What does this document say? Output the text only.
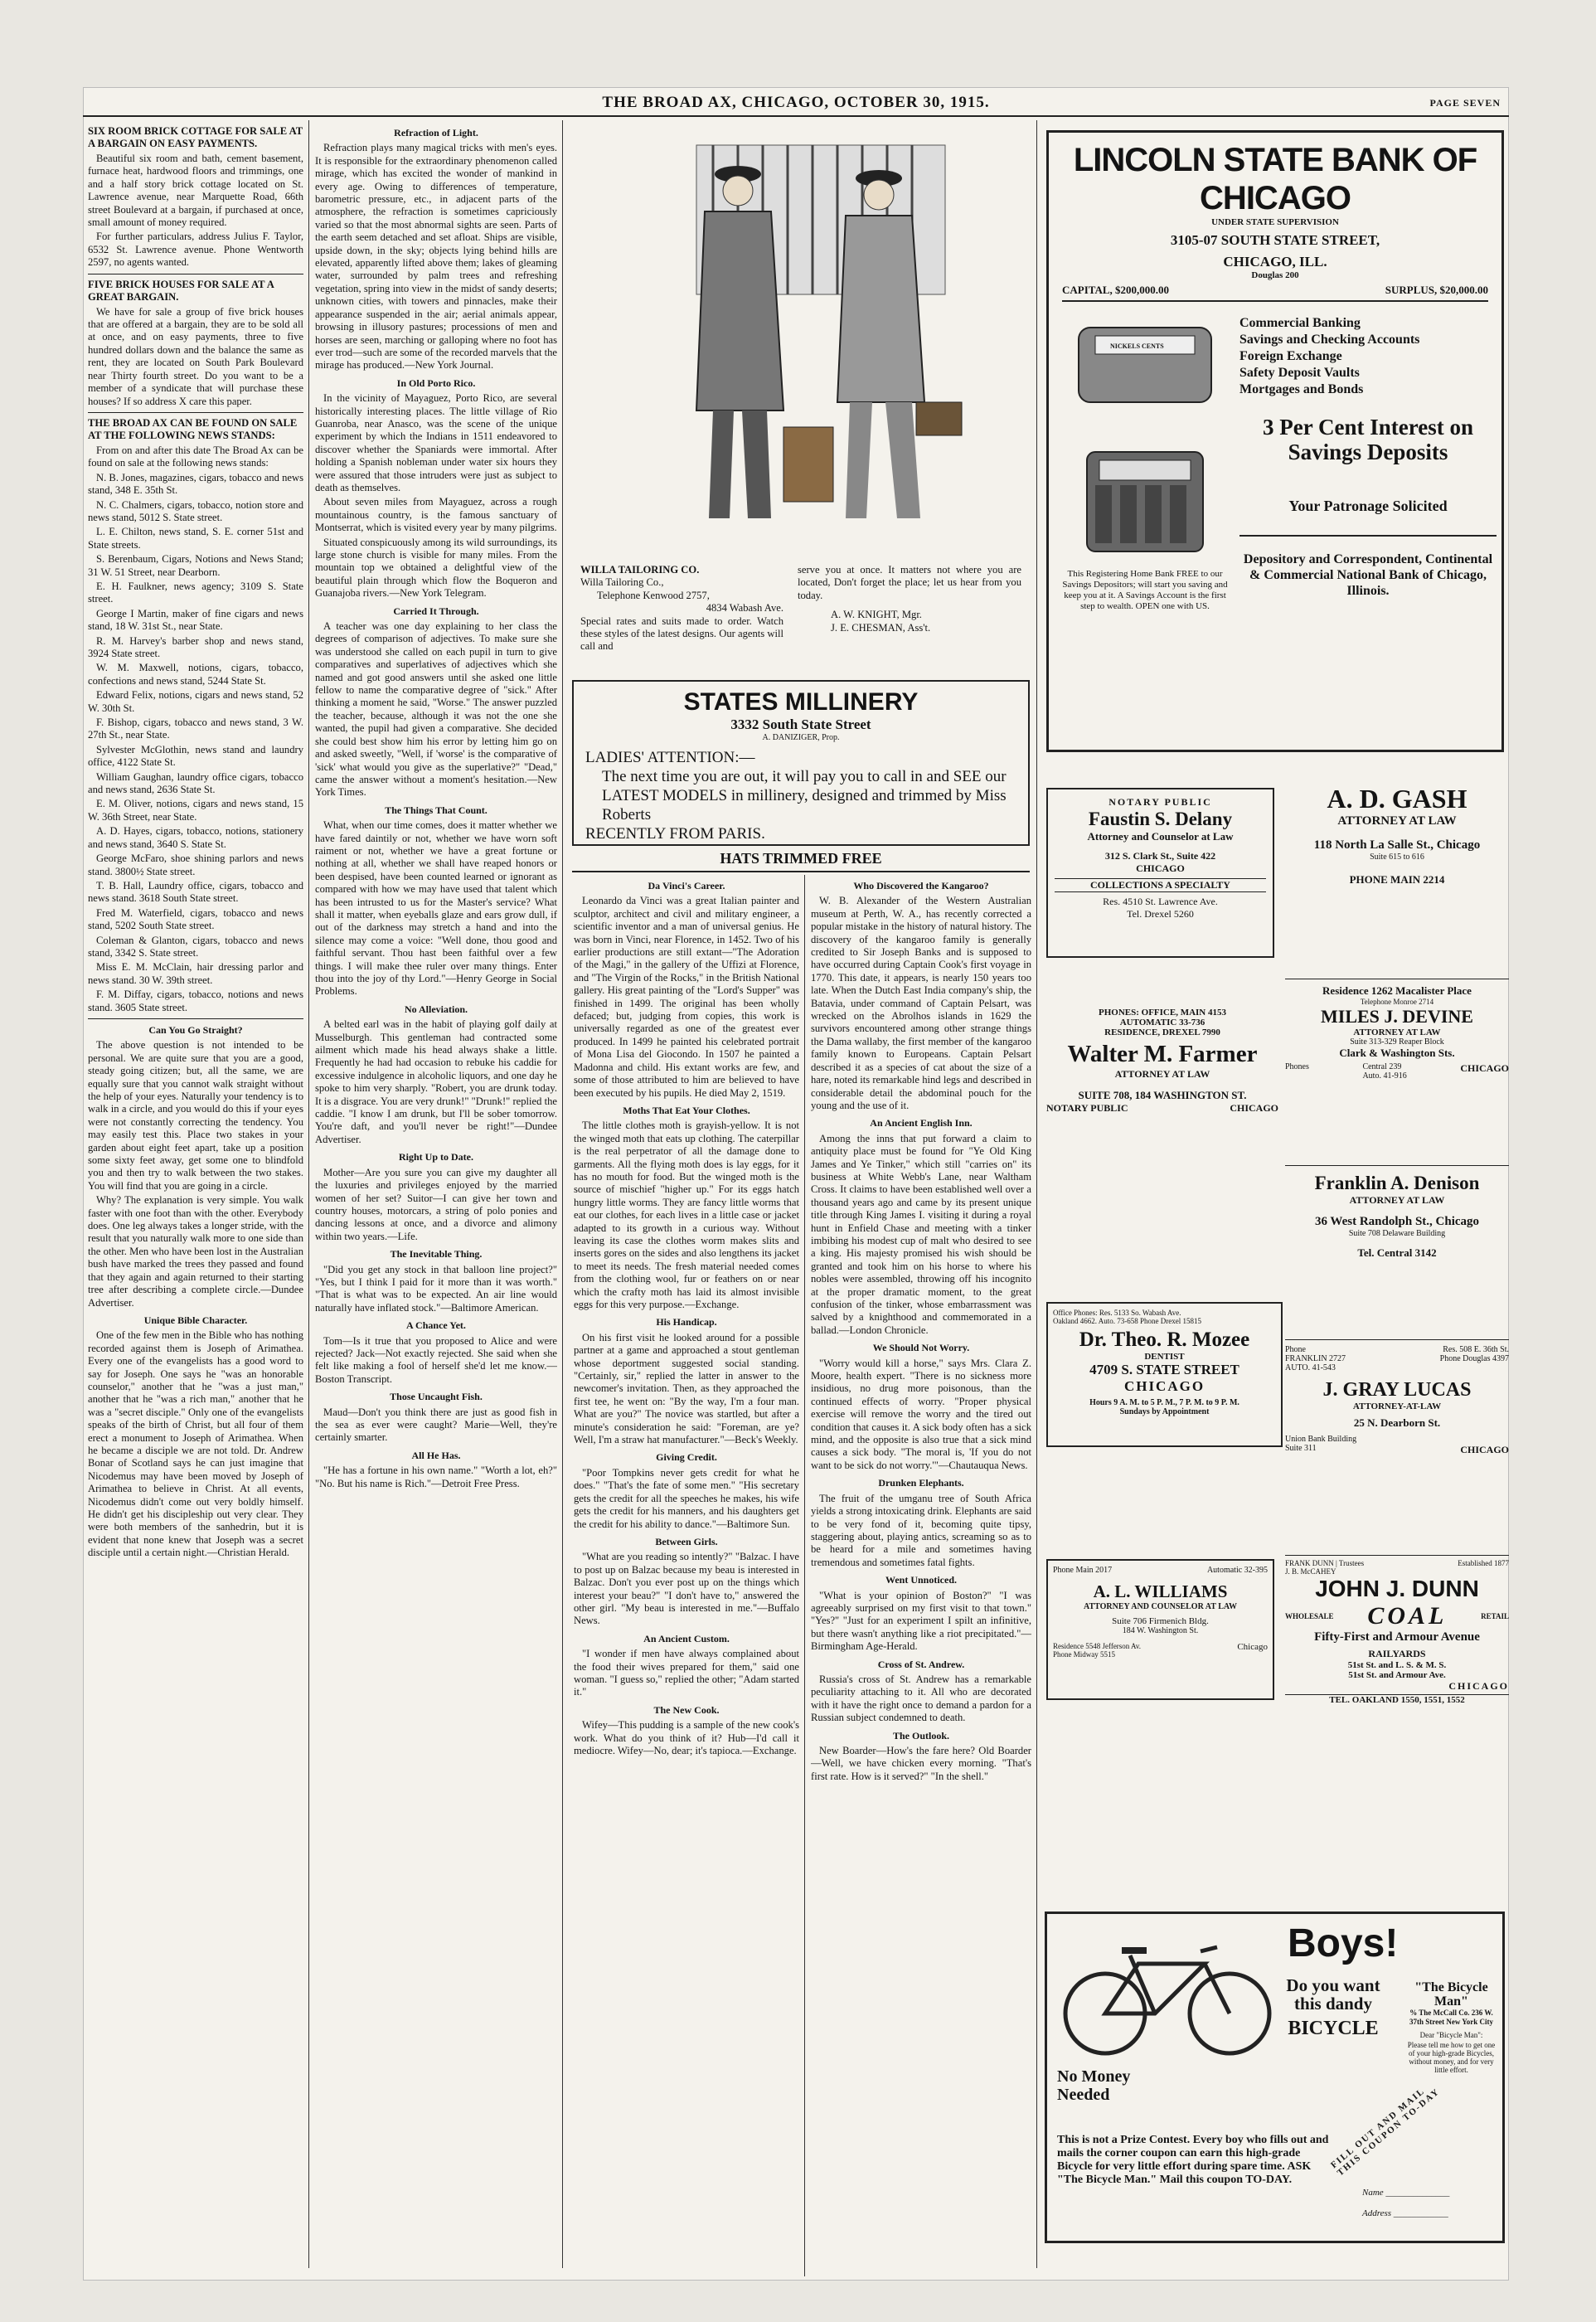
THE BROAD AX, CHICAGO, OCTOBER 30, 1915.	PAGE SEVEN
SIX ROOM BRICK COTTAGE FOR SALE AT A BARGAIN ON EASY PAYMENTS.

Beautiful six room and bath, cement basement, furnace heat, hardwood floors and trimmings, one and a half story brick cottage located on St. Lawrence avenue, near Marquette Road, 66th street Boulevard at a bargain, if purchased at once, small amount of money required.

For further particulars, address Julius F. Taylor, 6532 St. Lawrence avenue. Phone Wentworth 2597, no agents wanted.

FIVE BRICK HOUSES FOR SALE AT A GREAT BARGAIN.

We have for sale a group of five brick houses that are offered at a bargain, they are to be sold all at once, and on easy payments, three to five hundred dollars down and the balance the same as rent, they are located on South Park Boulevard near Thirty fourth street. Do you want to be a member of a syndicate that will purchase these houses? If so address X care this paper.

THE BROAD AX CAN BE FOUND ON SALE AT THE FOLLOWING NEWS STANDS:

From on and after this date The Broad Ax can be found on sale at the following news stands:

N. B. Jones, magazines, cigars, tobacco and news stand, 348 E. 35th St.

N. C. Chalmers, cigars, tobacco, notion store and news stand, 5012 S. State street.

L. E. Chilton, news stand, S. E. corner 51st and State streets.

S. Berenbaum, Cigars, Notions and News Stand; 31 W. 51 Street, near Dearborn.

E. H. Faulkner, news agency; 3109 S. State street.

George I Martin, maker of fine cigars and news stand, 18 W. 31st St., near State.

R. M. Harvey's barber shop and news stand, 3924 State street.

W. M. Maxwell, notions, cigars, tobacco, confections and news stand, 5244 State St.

Edward Felix, notions, cigars and news stand, 52 W. 30th St.

F. Bishop, cigars, tobacco and news stand, 3 W. 27th St., near State.

Sylvester McGlothin, news stand and laundry office, 4122 State St.

William Gaughan, laundry office cigars, tobacco and news stand, 2636 State St.

E. M. Oliver, notions, cigars and news stand, 15 W. 36th Street, near State.

A. D. Hayes, cigars, tobacco, notions, stationery and news stand, 3640 S. State St.

George McFaro, shoe shining parlors and news stand. 3800½ State street.

T. B. Hall, Laundry office, cigars, tobacco and news stand. 3618 South State street.

Fred M. Waterfield, cigars, tobacco and news stand, 5202 South State street.

Coleman & Glanton, cigars, tobacco and news stand, 3342 S. State street.

Miss E. M. McClain, hair dressing parlor and news stand. 30 W. 39th street.

F. M. Diffay, cigars, tobacco, notions and news stand. 3605 State street.

Can You Go Straight?

The above question is not intended to be personal. We are quite sure that you are a good, steady going citizen; but, all the same, we are equally sure that you cannot walk straight without the help of your eyes. Naturally your tendency is to walk in a circle, and you would do this if your eyes were not constantly correcting the tendency. You may easily test this. Place two stakes in your garden about eight feet apart, take up a position some sixty feet away, get some one to blindfold you and then try to walk between the two stakes. You will find that you are going in a circle.

Why? The explanation is very simple. You walk faster with one foot than with the other. Everybody does. One leg always takes a longer stride, with the result that you naturally walk more to one side than the other. Men who have been lost in the Australian bush have marked the trees they passed and found that they again and again returned to their starting tree after describing a complete circle.—Dundee Advertiser.

Unique Bible Character.

One of the few men in the Bible who has nothing recorded against them is Joseph of Arimathea. Every one of the evangelists has a good word to say for Joseph. One says he "was an honorable counselor," another that he "was a just man," another that he "was a rich man," another that he was a "secret disciple." Only one of the evangelists speaks of the birth of Christ, but all four of them erect a monument to Joseph of Arimathea. When he became a disciple we are not told. Dr. Andrew Bonar of Scotland says he can just imagine that Nicodemus may have been moved by Joseph of Arimathea to believe in Christ. At all events, Nicodemus didn't come out very boldly himself. He didn't get his discipleship out very clear. They were both members of the sanhedrin, but it is evident that none knew that Joseph was a secret disciple until a certain night.—Christian Herald.

Refraction of Light.

Refraction plays many magical tricks with men's eyes. It is responsible for the extraordinary phenomenon called mirage, which has excited the wonder of mankind in every age. Owing to differences of temperature, barometric pressure, etc., in adjacent parts of the atmosphere, the refraction is sometimes capriciously varied so that the most abnormal sights are seen. Parts of the earth seem detached and set afloat. Ships are visible, upside down, in the sky; objects lying behind hills are elevated, apparently lifted above them; lakes of gleaming water, surrounded by palm trees and refreshing vegetation, spring into view in the midst of sandy deserts; unknown cities, with towers and pinnacles, make their appearance suspended in the air; aerial animals appear, browsing in illusory pastures; processions of men and horses are seen, marching or galloping where no foot has ever trod—such are some of the recorded marvels that the mirage has produced.—New York Journal.

In Old Porto Rico.

In the vicinity of Mayaguez, Porto Rico, are several historically interesting places. The little village of Rio Guanroba, near Anasco, was the scene of the unique experiment by which the Indians in 1511 endeavored to discover whether the Spaniards were immortal. After holding a Spanish nobleman under water six hours they were assured that those intruders were just as subject to death as themselves.

About seven miles from Mayaguez, across a rough mountainous country, is the famous sanctuary of Montserrat, which is visited every year by many pilgrims.

Situated conspicuously among its wild surroundings, its large stone church is visible for many miles. From the mountain top we obtained a delightful view of the beautiful plain through which flow the Boqueron and Guanajoba rivers.—New York Telegram.

Carried It Through.

A teacher was one day explaining to her class the degrees of comparison of adjectives. To make sure she was understood she called on each pupil in turn to give comparatives and superlatives of adjectives which she named and got good answers until she asked one little fellow to name the comparative degree of "sick." After thinking a moment he said, "Worse." The answer puzzled the teacher, because, although it was not the one she wanted, the pupil had given a comparative. She decided she could best show him his error by letting him go on and asked sweetly, "Well, if 'worse' is the comparative of 'sick' what would you give as the superlative?" "Dead," came the answer without a moment's hesitation.—New York Times.

The Things That Count.

What, when our time comes, does it matter whether we have fared daintily or not, whether we have worn soft raiment or not, whether we have a great fortune or nothing at all, whether we shall have reaped honors or been despised, have been counted learned or ignorant as compared with how we may have used that talent which has been intrusted to us for the Master's service? What shall it matter, when eyeballs glaze and ears grow dull, if out of the darkness may stretch a hand and into the silence may come a voice: "Well done, thou good and faithful servant. Thou hast been faithful over a few things. I will make thee ruler over many things. Enter thou into the joy of thy Lord."—Henry George in Social Problems.

No Alleviation.

A belted earl was in the habit of playing golf daily at Musselburgh. This gentleman had contracted some ailment which made his head always shake a little. Frequently he had had occasion to rebuke his caddie for excessive indulgence in alcoholic liquors, and one day he spoke to him very sharply. "Robert, you are drunk today. It is a disgrace. You are very drunk!" "Drunk!" replied the caddie. "I know I am drunk, but I'll be sober tomorrow. You're daft, and you'll never be right!"—Dundee Advertiser.

Right Up to Date.

Mother—Are you sure you can give my daughter all the luxuries and privileges enjoyed by the married women of her set? Suitor—I can give her town and country houses, motorcars, a string of polo ponies and dancing lessons at once, and a divorce and alimony within two years.—Life.

The Inevitable Thing.

"Did you get any stock in that balloon line project?" "Yes, but I think I paid for it more than it was worth." "That is what was to be expected. An air line would naturally have inflated stock."—Baltimore American.

A Chance Yet.

Tom—Is it true that you proposed to Alice and were rejected? Jack—Not exactly rejected. She said when she felt like making a fool of herself she'd let me know.—Boston Transcript.

Those Uncaught Fish.

Maud—Don't you think there are just as good fish in the sea as ever were caught? Marie—Well, they're certainly smarter.

All He Has.

"He has a fortune in his own name." "Worth a lot, eh?" "No. But his name is Rich."—Detroit Free Press.

WILLA TAILORING CO.
Willa Tailoring Co.,
Telephone Kenwood 2757,
4834 Wabash Ave.
Special rates and suits made to order. Watch these styles of the latest designs. Our agents will call and
serve you at once. It matters not where you are located, Don't forget the place; let us hear from you today.
A. W. KNIGHT, Mgr.
J. E. CHESMAN, Ass't.
STATES MILLINERY
3332 South State Street
A. DANIZIGER, Prop.
LADIES' ATTENTION:—
The next time you are out, it will pay you to call in and SEE our LATEST MODELS in millinery, designed and trimmed by Miss Roberts
RECENTLY FROM PARIS.
HATS TRIMMED FREE
Da Vinci's Career.

Leonardo da Vinci was a great Italian painter and sculptor, architect and civil and military engineer, a scientific inventor and a man of universal genius. He was born in Vinci, near Florence, in 1452. Two of his earlier productions are still extant—"The Adoration of the Magi," in the gallery of the Uffizi at Florence, and "The Virgin of the Rocks," in the British National gallery. His great painting of the "Lord's Supper" was finished in 1499. The original has been wholly defaced; but, judging from copies, this work is universally regarded as one of the greatest ever produced. In 1499 he painted his celebrated portrait of Mona Lisa del Giocondo. In 1507 he painted a Madonna and child. His extant works are few, and some of those attributed to him are believed to have been executed by his pupils. He died May 2, 1519.

Moths That Eat Your Clothes.

The little clothes moth is grayish-yellow. It is not the winged moth that eats up clothing. The caterpillar is the real perpetrator of all the damage done to garments. All the flying moth does is lay eggs, for it has no mouth for food. But the winged moth is the source of mischief "higher up." For its eggs hatch hungry little worms. They are fancy little worms that eat our clothes, for each lives in a little case or jacket adapted to its growth in a curious way. Without leaving its case the clothes worm makes slits and inserts gores on the sides and also lengthens its jacket to meet its needs. The fresh material needed comes from the clothing wool, fur or feathers on or near which the crafty moth has laid its almost invisible eggs for this very purpose.—Exchange.

His Handicap.

On his first visit he looked around for a possible partner at a game and approached a stout gentleman whose deportment suggested social standing. "Certainly, sir," replied the latter in answer to the newcomer's invitation. Then, as they approached the first tee, he went on: "By the way, I'm a four man. What are you?" The novice was startled, but after a minute's consideration he said: "Foreman, are ye? Well, I'm a straw hat manufacturer."—Beck's Weekly.

Giving Credit.

"Poor Tompkins never gets credit for what he does." "That's the fate of some men." "His secretary gets the credit for all the speeches he makes, his wife gets the credit for his manners, and his daughters get the credit for his ability to dance."—Baltimore Sun.

Between Girls.

"What are you reading so intently?" "Balzac. I have to post up on Balzac because my beau is interested in Balzac. Don't you ever post up on the things which interest your beau?" "I don't have to," answered the other girl. "My beau is interested in me."—Buffalo News.

An Ancient Custom.

"I wonder if men have always complained about the food their wives prepared for them," said one woman. "I guess so," replied the other; "Adam started it."

The New Cook.

Wifey—This pudding is a sample of the new cook's work. What do you think of it? Hub—I'd call it mediocre. Wifey—No, dear; it's tapioca.—Exchange.

Who Discovered the Kangaroo?

W. B. Alexander of the Western Australian museum at Perth, W. A., has recently corrected a popular mistake in the history of natural history. The discovery of the kangaroo family is generally credited to Sir Joseph Banks and is supposed to have occurred during Captain Cook's first voyage in 1770. This date, it appears, is nearly 150 years too late. When the Dutch East India company's ship, the Batavia, under command of Captain Pelsart, was wrecked on the Abrolhos islands in 1629 the survivors encountered among other strange things the Dama wallaby, the first member of the kangaroo family known to Europeans. Captain Pelsart described it as a species of cat about the size of a hare, noted its remarkable hind legs and described in considerable detail the abdominal pouch for the young and the use of it.

An Ancient English Inn.

Among the inns that put forward a claim to antiquity place must be found for "Ye Old King James and Ye Tinker," which still "carries on" its business at White Webb's Lane, near Waltham Cross. It claims to have been established well over a thousand years ago and came by its present unique title through King James I. visiting it during a royal hunt in Enfield Chase and meeting with a tinker imbibing his modest cup of malt who desired to see a king. His majesty promised his wish should be granted and took him on his horse to where his nobles were assembled, throwing off his incognito at the proper dramatic moment, to the great confusion of the tinker, whose embarrassment was salved by a knighthood and commemorated in a ballad.—London Chronicle.

We Should Not Worry.

"Worry would kill a horse," says Mrs. Clara Z. Moore, health expert. "There is no sickness more insidious, no drug more poisonous, than the continued effects of worry. "Proper physical exercise will remove the worry and the tired out condition that causes it. A sick body often has a sick mind, and the opposite is also true that a sick mind causes a sick body. "The moral is, 'If you do not want to be sick do not worry.'"—Chautauqua News.

Drunken Elephants.

The fruit of the umganu tree of South Africa yields a strong intoxicating drink. Elephants are said to be very fond of it, becoming quite tipsy, staggering about, playing antics, screaming so as to be heard for a mile and sometimes having tremendous and sometimes fatal fights.

Went Unnoticed.

"What is your opinion of Boston?" "I was agreeably surprised on my first visit to that town." "Yes?" "Just for an experiment I spilt an infinitive, but there wasn't anything like a riot precipitated."—Birmingham Age-Herald.

Cross of St. Andrew.

Russia's cross of St. Andrew has a remarkable peculiarity attaching to it. All who are decorated with it have the right once to demand a pardon for a Russian subject condemned to death.

The Outlook.

New Boarder—How's the fare here? Old Boarder—Well, we have chicken every morning. "That's first rate. How is it served?" "In the shell."

LINCOLN STATE BANK OF CHICAGO
UNDER STATE SUPERVISION
3105-07 SOUTH STATE STREET,
CHICAGO, ILL.
Douglas 200
CAPITAL, $200,000.00	SURPLUS, $20,000.00
NICKELS CENTS
This Registering Home Bank FREE to our Savings Depositors; will start you saving and keep you at it. A Savings Account is the first step to wealth. OPEN one with US.
Commercial Banking
Savings and Checking Accounts
Foreign Exchange
Safety Deposit Vaults
Mortgages and Bonds
3 Per Cent Interest on Savings Deposits
Your Patronage Solicited
Depository and Correspondent, Continental & Commercial National Bank of Chicago, Illinois.
NOTARY PUBLIC
Faustin S. Delany
Attorney and Counselor at Law
312 S. Clark St., Suite 422
CHICAGO
COLLECTIONS A SPECIALTY
Res. 4510 St. Lawrence Ave.
Tel. Drexel 5260
A. D. GASH
ATTORNEY AT LAW
118 North La Salle St., Chicago
Suite 615 to 616
PHONE MAIN 2214
Residence 1262 Macalister Place
Telephone Monroe 2714
MILES J. DEVINE
ATTORNEY AT LAW
Suite 313-329 Reaper Block
Clark & Washington Sts.
Phones	Central 239
Auto. 41-916
CHICAGO
PHONES: OFFICE, MAIN 4153
AUTOMATIC 33-736
RESIDENCE, DREXEL 7990
Walter M. Farmer
ATTORNEY AT LAW
SUITE 708, 184 WASHINGTON ST.
NOTARY PUBLIC	CHICAGO
Franklin A. Denison
ATTORNEY AT LAW
36 West Randolph St., Chicago
Suite 708 Delaware Building
Tel. Central 3142
Office Phones: Res. 5133 So. Wabash Ave.
Oakland 4662. Auto. 73-658 Phone Drexel 15815
Dr. Theo. R. Mozee
DENTIST
4709 S. STATE STREET
CHICAGO
Hours 9 A. M. to 5 P. M., 7 P. M. to 9 P. M.
Sundays by Appointment
Phone
FRANKLIN 2727
AUTO. 41-543
Res. 508 E. 36th St.
Phone Douglas 4397
J. GRAY LUCAS
ATTORNEY-AT-LAW
25 N. Dearborn St.
Union Bank Building
Suite 311	CHICAGO
Phone Main 2017	Automatic 32-395
A. L. WILLIAMS
ATTORNEY AND COUNSELOR AT LAW
Suite 706 Firmenich Bldg.
184 W. Washington St.
Residence 5548 Jefferson Av.
Phone Midway 5515
Chicago
FRANK DUNN | Trustees
J. B. McCAHEY
Established 1877
JOHN J. DUNN
WHOLESALE COAL	RETAIL
Fifty-First and Armour Avenue
RAILYARDS
51st St. and L. S. & M. S.
51st St. and Armour Ave.
CHICAGO
TEL. OAKLAND 1550, 1551, 1552
Boys!
Do you want this dandy
BICYCLE
No Money Needed
This is not a Prize Contest. Every boy who fills out and mails the corner coupon can earn this high-grade Bicycle for very little effort during spare time. ASK "The Bicycle Man." Mail this coupon TO-DAY.
FILL OUT AND MAIL THIS COUPON TO-DAY
"The Bicycle Man"
% The McCall Co. 236 W. 37th Street New York City
Dear "Bicycle Man":
Please tell me how to get one of your high-grade Bicycles, without money, and for very little effort.
Name ______________
Address ____________
